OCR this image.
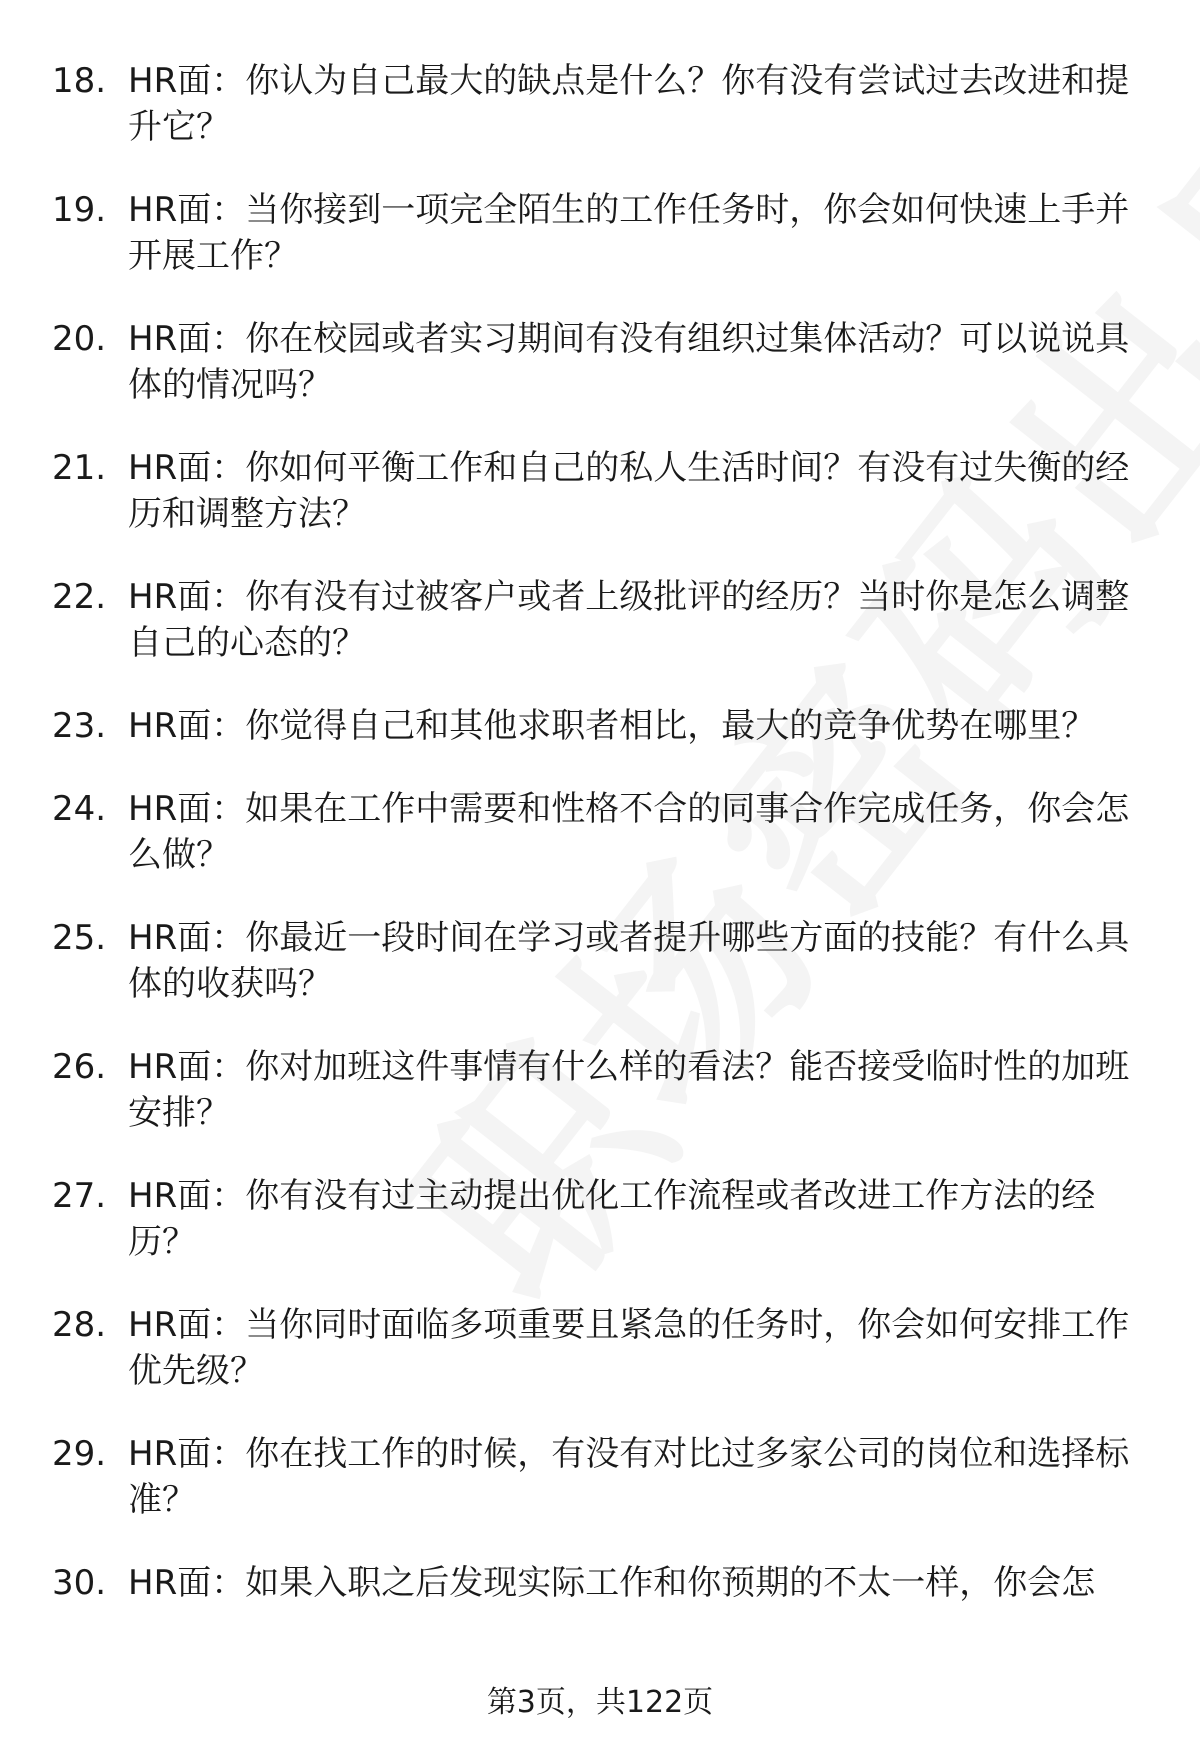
18. HR面：你认为自己最大的缺点是什么？你有没有尝试过去改进和提升它？
19. HR面：当你接到一项完全陌生的工作任务时，你会如何快速上手并开展工作？
20. HR面：你在校园或者实习期间有没有组织过集体活动？可以说说具体的情况吗？
21. HR面：你如何平衡工作和自己的私人生活时间？有没有过失衡的经历和调整方法？
22. HR面：你有没有过被客户或者上级批评的经历？当时你是怎么调整自己的心态的？
23. HR面：你觉得自己和其他求职者相比，最大的竞争优势在哪里？
24. HR面：如果在工作中需要和性格不合的同事合作完成任务，你会怎么做？
25. HR面：你最近一段时间在学习或者提升哪些方面的技能？有什么具体的收获吗？
26. HR面：你对加班这件事情有什么样的看法？能否接受临时性的加班安排？
27. HR面：你有没有过主动提出优化工作流程或者改进工作方法的经历？
28. HR面：当你同时面临多项重要且紧急的任务时，你会如何安排工作优先级？
29. HR面：你在找工作的时候，有没有对比过多家公司的岗位和选择标准？
30. HR面：如果入职之后发现实际工作和你预期的不太一样，你会怎
第3页，共122页
